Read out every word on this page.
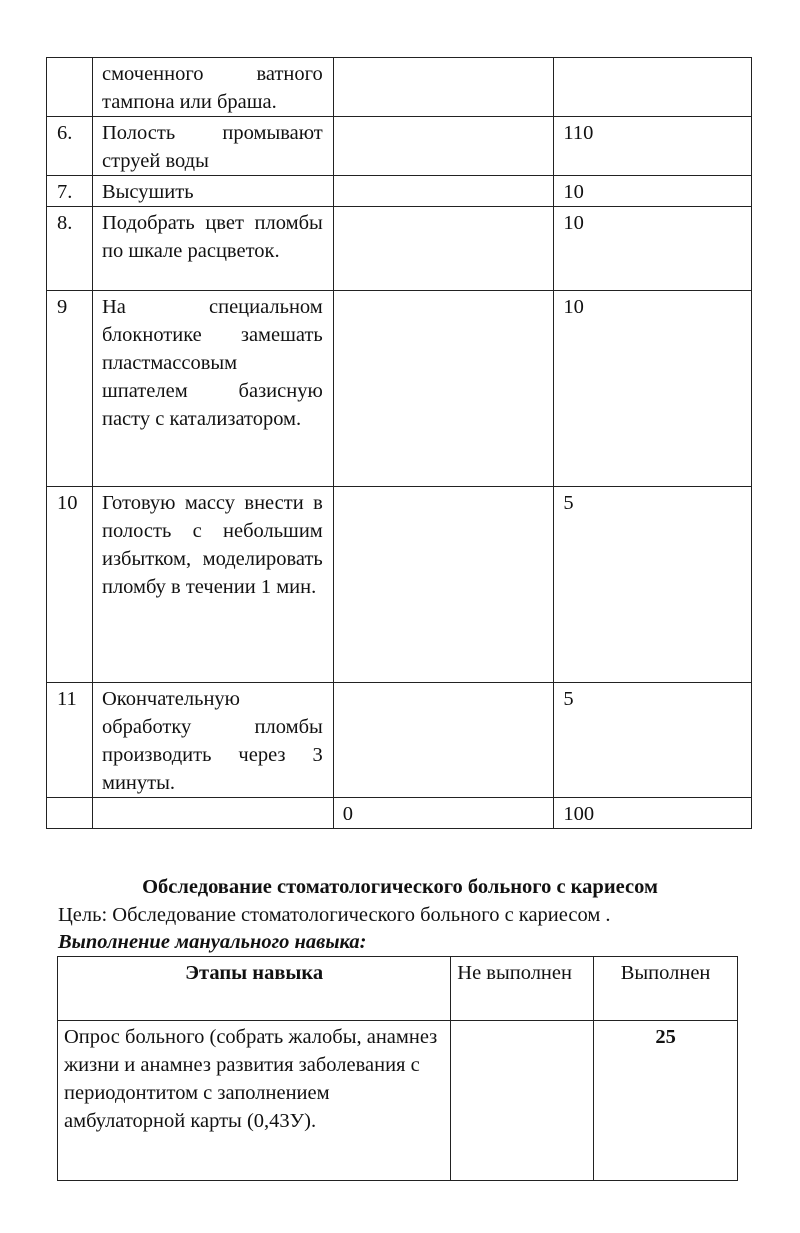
	смоченного ватного тампона или браша.		
6.	Полость промывают струей воды		110
7.	Высушить		10
8.	Подобрать цвет пломбы по шкале расцветок.		10
9	На специальном блокнотике замешать пластмассовым шпателем базисную пасту с катализатором.		10
10	Готовую массу внести в полость с небольшим избытком, моделировать пломбу в течении 1 мин.		5
11	Окончательную обработку пломбы производить через 3 минуты.		5
		0	100
Обследование стоматологического больного с кариесом
Цель: Обследование стоматологического больного с кариесом .
Выполнение мануального навыка:
Этапы навыка	Не выполнен	Выполнен
Опрос больного (собрать жалобы, анамнез жизни и анамнез развития заболевания с периодонтитом с заполнением амбулаторной карты (0,43У).		25
